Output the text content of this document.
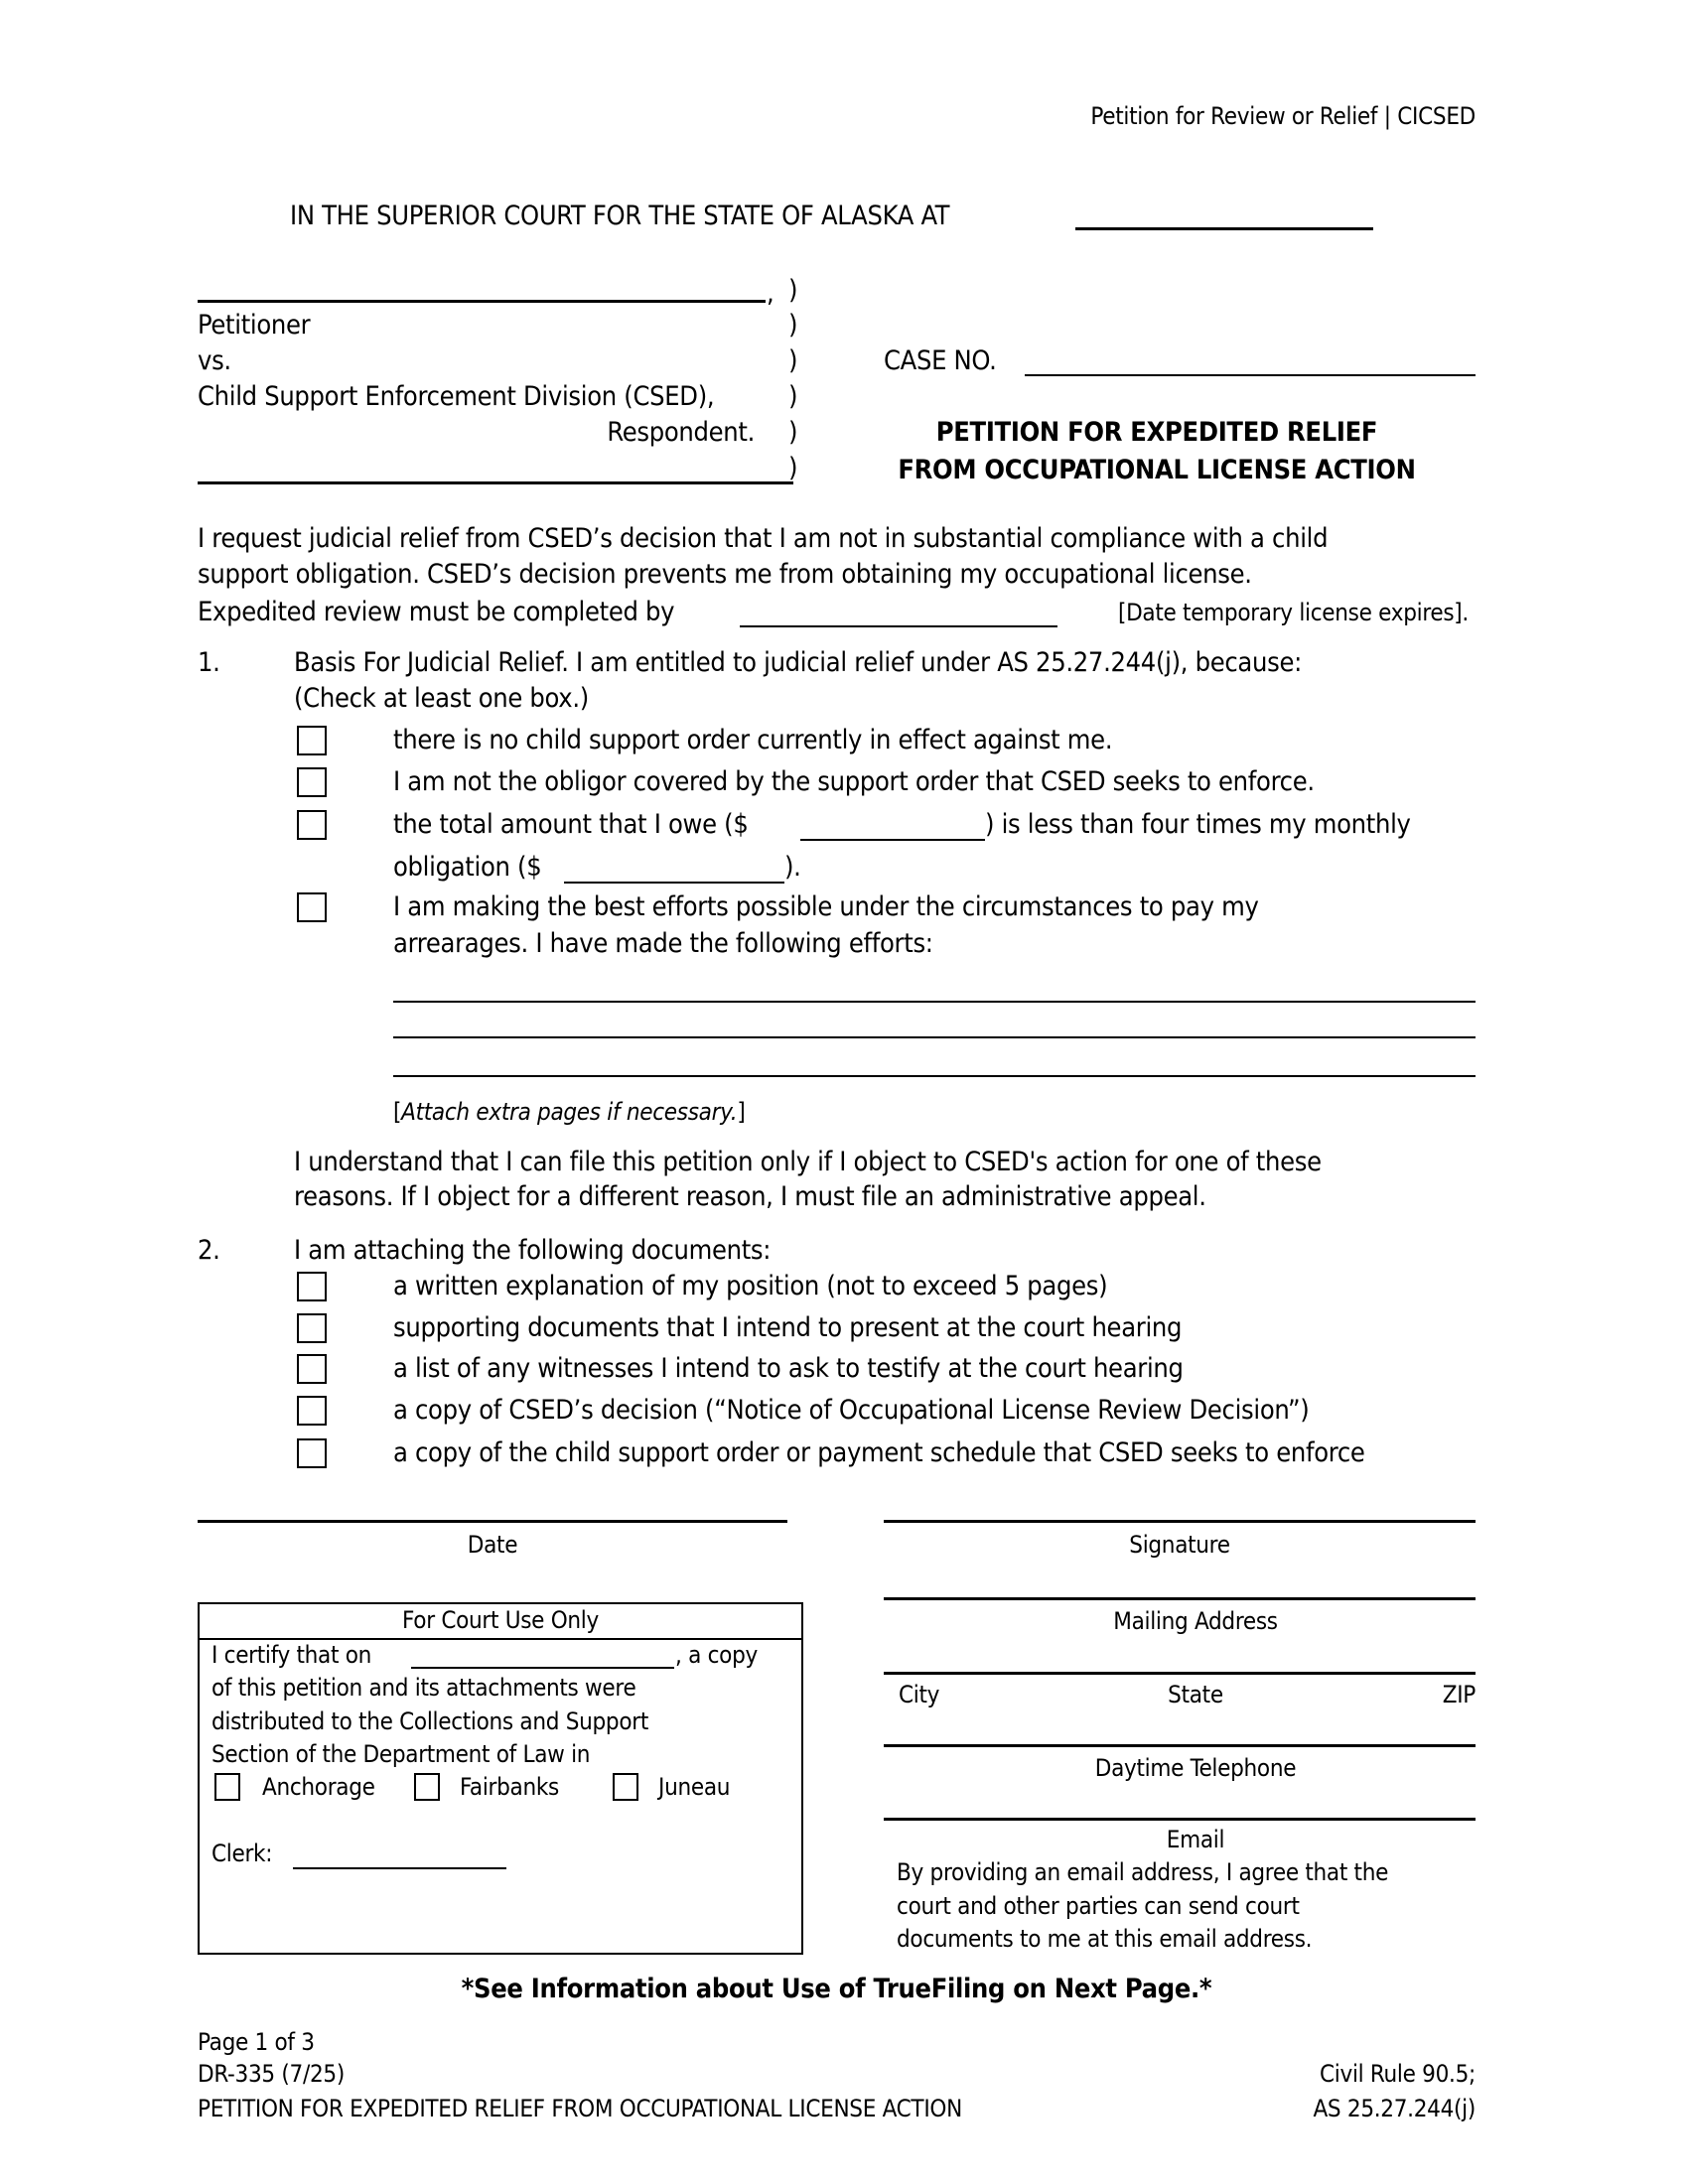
Petition for Review or Relief | CICSED
IN THE SUPERIOR COURT FOR THE STATE OF ALASKA AT
, )
Petitioner	)
vs.	)
Child Support Enforcement Division (CSED),	)
Respondent. )
)
CASE NO.
PETITION FOR EXPEDITED RELIEF
FROM OCCUPATIONAL LICENSE ACTION
I request judicial relief from CSED’s decision that I am not in substantial compliance with a child
support obligation. CSED’s decision prevents me from obtaining my occupational license.
Expedited review must be completed by	[Date temporary license expires].
1.	Basis For Judicial Relief. I am entitled to judicial relief under AS 25.27.244(j), because:
(Check at least one box.)
there is no child support order currently in effect against me.
I am not the obligor covered by the support order that CSED seeks to enforce.
the total amount that I owe ($	) is less than four times my monthly
obligation ($	).
I am making the best efforts possible under the circumstances to pay my
arrearages. I have made the following efforts:
[Attach extra pages if necessary.]
I understand that I can file this petition only if I object to CSED's action for one of these
reasons. If I object for a different reason, I must file an administrative appeal.
2.	I am attaching the following documents:
a written explanation of my position (not to exceed 5 pages)
supporting documents that I intend to present at the court hearing
a list of any witnesses I intend to ask to testify at the court hearing
a copy of CSED’s decision (“Notice of Occupational License Review Decision”)
a copy of the child support order or payment schedule that CSED seeks to enforce
Date	Signature
Mailing Address
City	State	ZIP
Daytime Telephone
Email
By providing an email address, I agree that the
court and other parties can send court
documents to me at this email address.
For Court Use Only
I certify that on	, a copy
of this petition and its attachments were
distributed to the Collections and Support
Section of the Department of Law in
Anchorage	Fairbanks	Juneau
Clerk:
*See Information about Use of TrueFiling on Next Page.*
Page 1 of 3
DR-335 (7/25)
PETITION FOR EXPEDITED RELIEF FROM OCCUPATIONAL LICENSE ACTION
Civil Rule 90.5;
AS 25.27.244(j)
